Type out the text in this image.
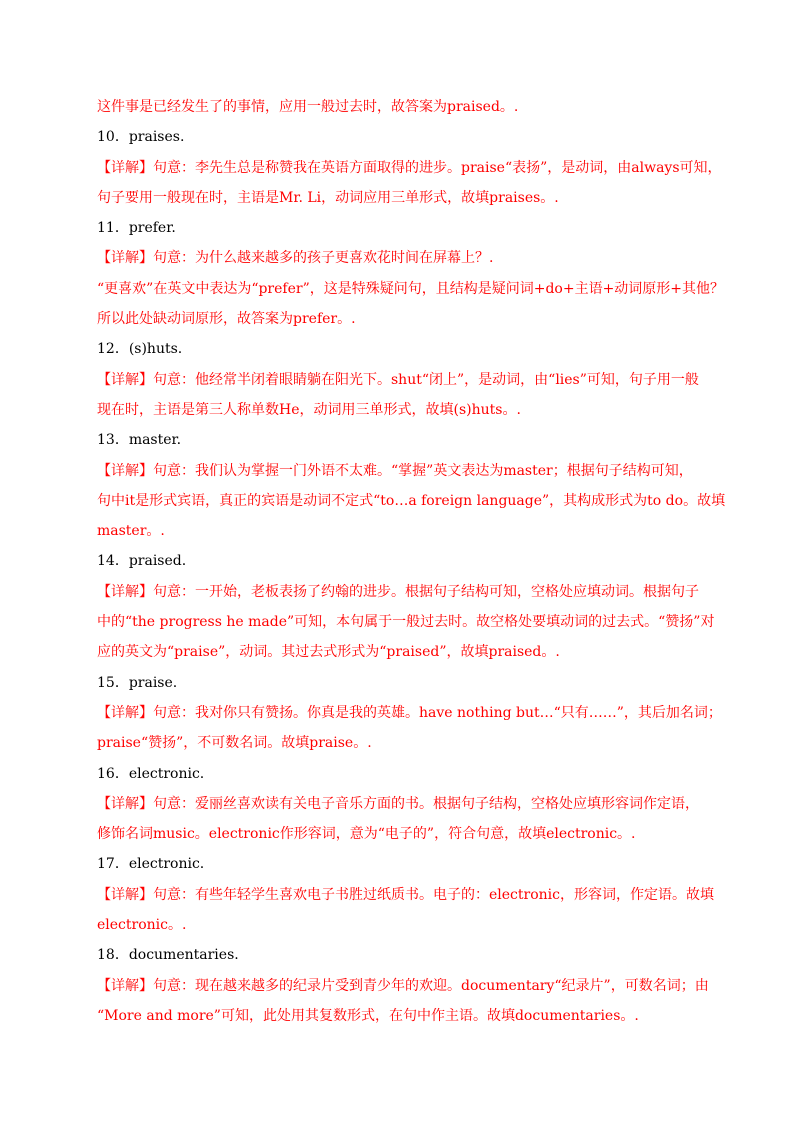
这件事是已经发生了的事情，应用一般过去时，故答案为praised。.
10．praises.
【详解】句意：李先生总是称赞我在英语方面取得的进步。praise“表扬”，是动词，由always可知，
句子要用一般现在时，主语是Mr. Li，动词应用三单形式，故填praises。.
11．prefer.
【详解】句意：为什么越来越多的孩子更喜欢花时间在屏幕上？.
“更喜欢”在英文中表达为“prefer”，这是特殊疑问句，且结构是疑问词+do+主语+动词原形+其他？
所以此处缺动词原形，故答案为prefer。.
12．(s)huts.
【详解】句意：他经常半闭着眼睛躺在阳光下。shut“闭上”，是动词，由“lies”可知，句子用一般
现在时，主语是第三人称单数He，动词用三单形式，故填(s)huts。.
13．master.
【详解】句意：我们认为掌握一门外语不太难。“掌握”英文表达为master；根据句子结构可知，
句中it是形式宾语，真正的宾语是动词不定式“to…a foreign language”，其构成形式为to do。故填
master。.
14．praised.
【详解】句意：一开始，老板表扬了约翰的进步。根据句子结构可知，空格处应填动词。根据句子
中的“the progress he made”可知，本句属于一般过去时。故空格处要填动词的过去式。“赞扬”对
应的英文为“praise”，动词。其过去式形式为“praised”，故填praised。.
15．praise.
【详解】句意：我对你只有赞扬。你真是我的英雄。have nothing but…“只有……”，其后加名词；
praise“赞扬”，不可数名词。故填praise。.
16．electronic.
【详解】句意：爱丽丝喜欢读有关电子音乐方面的书。根据句子结构，空格处应填形容词作定语，
修饰名词music。electronic作形容词，意为“电子的”，符合句意，故填electronic。.
17．electronic.
【详解】句意：有些年轻学生喜欢电子书胜过纸质书。电子的：electronic，形容词，作定语。故填
electronic。.
18．documentaries.
【详解】句意：现在越来越多的纪录片受到青少年的欢迎。documentary“纪录片”，可数名词；由
“More and more”可知，此处用其复数形式，在句中作主语。故填documentaries。.
